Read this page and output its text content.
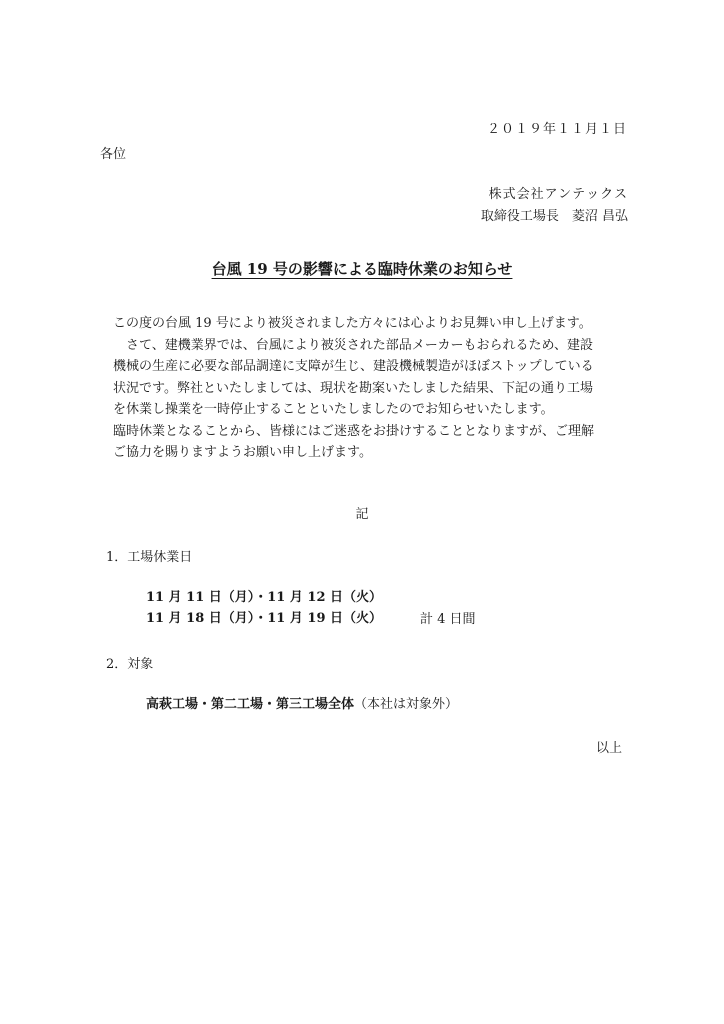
２０１９年１１月１日
各位
株式会社アンテックス
取締役工場長　菱沼 昌弘
台風 19 号の影響による臨時休業のお知らせ
この度の台風 19 号により被災されました方々には心よりお見舞い申し上げます。
　さて、建機業界では、台風により被災された部品メーカーもおられるため、建設
機械の生産に必要な部品調達に支障が生じ、建設機械製造がほぼストップしている
状況です。弊社といたしましては、現状を勘案いたしました結果、下記の通り工場
を休業し操業を一時停止することといたしましたのでお知らせいたします。
臨時休業となることから、皆様にはご迷惑をお掛けすることとなりますが、ご理解
ご協力を賜りますようお願い申し上げます。
記
1．工場休業日
11 月 11 日（月）・11 月 12 日（火）
11 月 18 日（月）・11 月 19 日（火）	計 4 日間
2．対象
高萩工場・第二工場・第三工場全体（本社は対象外）
以上
